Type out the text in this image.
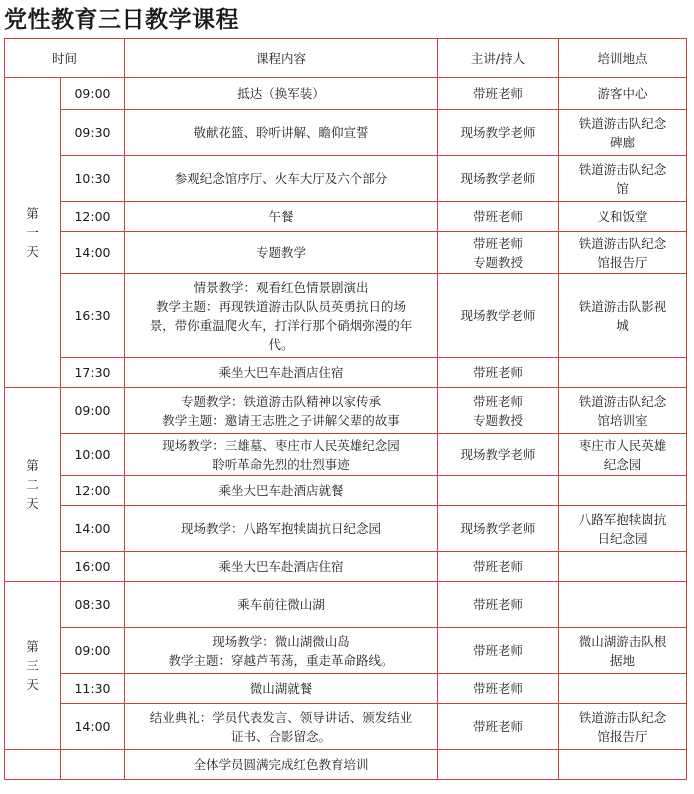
党性教育三日教学课程
时间		课程内容	主讲/持人	培训地点

第
一
天	09:00	抵达（换军装）	带班老师	游客中心

	09:30	敬献花篮、聆听讲解、瞻仰宣誓	现场教学老师	铁道游击队纪念
碑廊

	10:30	参观纪念馆序厅、火车大厅及六个部分	现场教学老师	铁道游击队纪念
馆

	12:00	午餐	带班老师	义和饭堂

	14:00	专题教学	带班老师
专题教授	铁道游击队纪念
馆报告厅

	16:30	情景教学：观看红色情景剧演出
教学主题：再现铁道游击队队员英勇抗日的场
景，带你重温爬火车，打洋行那个硝烟弥漫的年
代。	现场教学老师	铁道游击队影视
城

	17:30	乘坐大巴车赴酒店住宿	带班老师	

第
二
天	09:00	专题教学：铁道游击队精神以家传承
教学主题：邀请王志胜之子讲解父辈的故事	带班老师
专题教授	铁道游击队纪念
馆培训室

	10:00	现场教学：三雄墓、枣庄市人民英雄纪念园
聆听革命先烈的壮烈事迹	现场教学老师	枣庄市人民英雄
纪念园

	12:00	乘坐大巴车赴酒店就餐		

	14:00	现场教学：八路军抱犊崮抗日纪念园	现场教学老师	八路军抱犊崮抗
日纪念园

	16:00	乘坐大巴车赴酒店住宿	带班老师	

第
三
天	08:30	乘车前往微山湖	带班老师	

	09:00	现场教学：微山湖微山岛
教学主题：穿越芦苇荡，重走革命路线。	带班老师	微山湖游击队根
据地

	11:30	微山湖就餐	带班老师	

	14:00	结业典礼：学员代表发言、领导讲话、颁发结业
证书、合影留念。	带班老师	铁道游击队纪念
馆报告厅

		全体学员圆满完成红色教育培训		
